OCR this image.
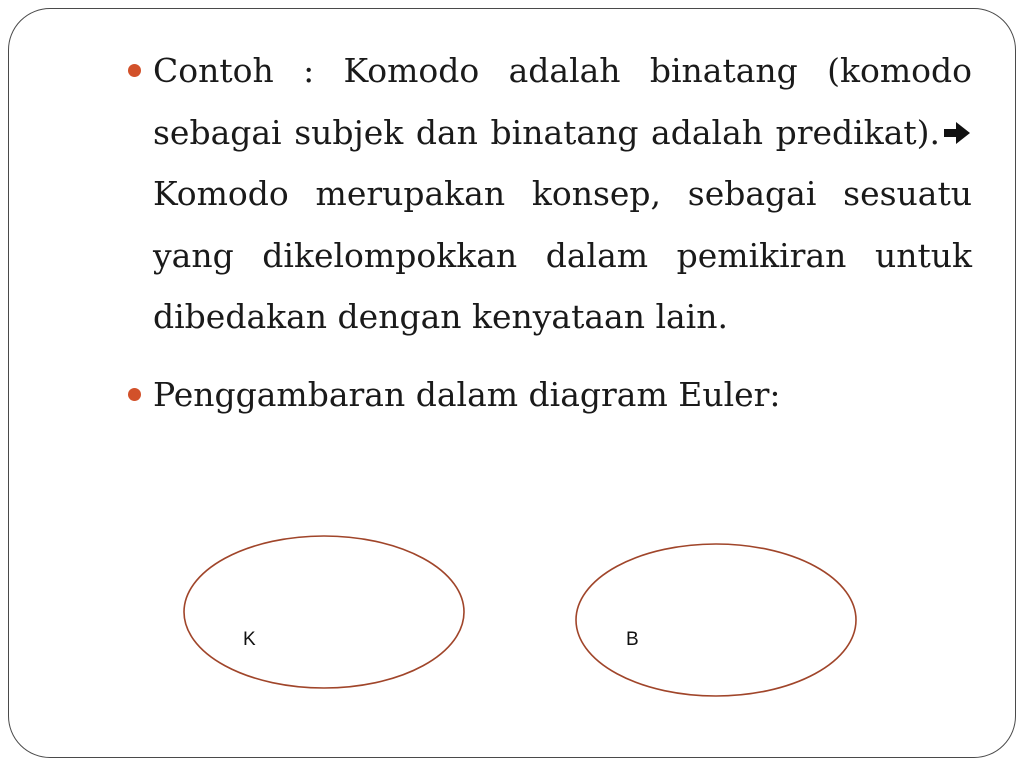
Contoh : Komodo adalah binatang (komodo sebagai subjek dan binatang adalah predikat). Komodo merupakan konsep, sebagai sesuatu yang dikelompokkan dalam pemikiran untuk dibedakan dengan kenyataan lain.

Penggambaran dalam diagram Euler:

K	B
